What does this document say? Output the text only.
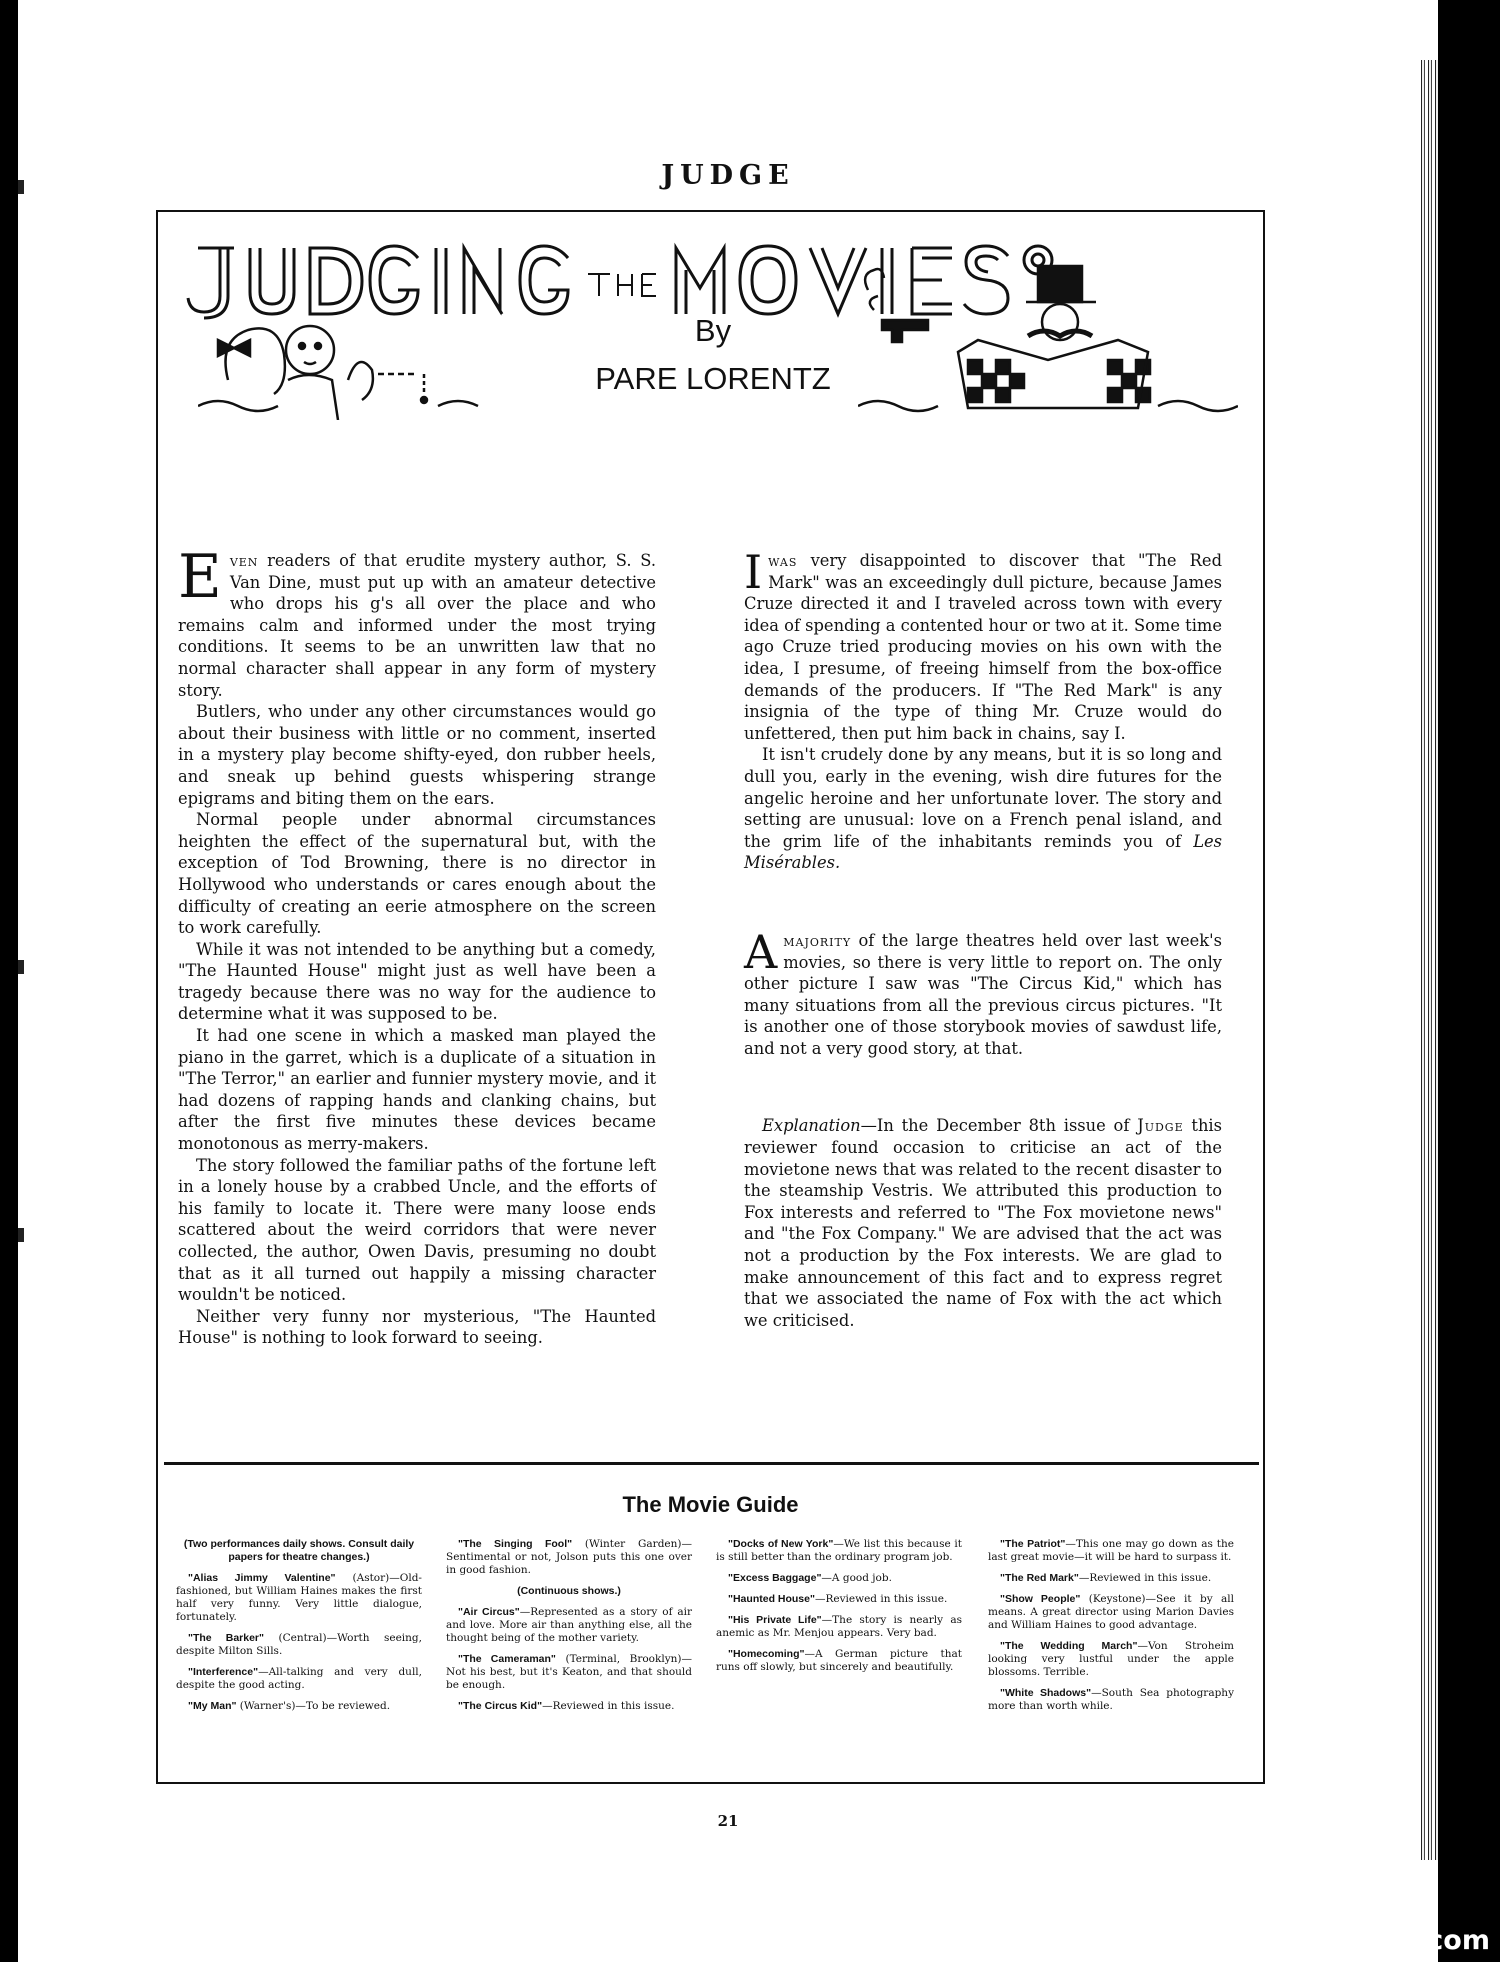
JUDGE
By
PARE LORENTZ

Even readers of that erudite mystery author, S. S. Van Dine, must put up with an amateur detective who drops his g's all over the place and who remains calm and informed under the most trying conditions. It seems to be an unwritten law that no normal character shall appear in any form of mystery story.

Butlers, who under any other circumstances would go about their business with little or no comment, inserted in a mystery play become shifty-eyed, don rubber heels, and sneak up behind guests whispering strange epigrams and biting them on the ears.

Normal people under abnormal circumstances heighten the effect of the supernatural but, with the exception of Tod Browning, there is no director in Hollywood who understands or cares enough about the difficulty of creating an eerie atmosphere on the screen to work carefully.

While it was not intended to be anything but a comedy, "The Haunted House" might just as well have been a tragedy because there was no way for the audience to determine what it was supposed to be.

It had one scene in which a masked man played the piano in the garret, which is a duplicate of a situation in "The Terror," an earlier and funnier mystery movie, and it had dozens of rapping hands and clanking chains, but after the first five minutes these devices became monotonous as merry-makers.

The story followed the familiar paths of the fortune left in a lonely house by a crabbed Uncle, and the efforts of his family to locate it. There were many loose ends scattered about the weird corridors that were never collected, the author, Owen Davis, presuming no doubt that as it all turned out happily a missing character wouldn't be noticed.

Neither very funny nor mysterious, "The Haunted House" is nothing to look forward to seeing.

Iwas very disappointed to discover that "The Red Mark" was an exceedingly dull picture, because James Cruze directed it and I traveled across town with every idea of spending a contented hour or two at it. Some time ago Cruze tried producing movies on his own with the idea, I presume, of freeing himself from the box-office demands of the producers. If "The Red Mark" is any insignia of the type of thing Mr. Cruze would do unfettered, then put him back in chains, say I.

It isn't crudely done by any means, but it is so long and dull you, early in the evening, wish dire futures for the angelic heroine and her unfortunate lover. The story and setting are unusual: love on a French penal island, and the grim life of the inhabitants reminds you of Les Misérables.

Amajority of the large theatres held over last week's movies, so there is very little to report on. The only other picture I saw was "The Circus Kid," which has many situations from all the previous circus pictures. "It is another one of those storybook movies of sawdust life, and not a very good story, at that.

Explanation—In the December 8th issue of Judge this reviewer found occasion to criticise an act of the movietone news that was related to the recent disaster to the steamship Vestris. We attributed this production to Fox interests and referred to "The Fox movietone news" and "the Fox Company." We are advised that the act was not a production by the Fox interests. We are glad to make announcement of this fact and to express regret that we associated the name of Fox with the act which we criticised.

The Movie Guide

(Two performances daily shows. Consult daily papers for theatre changes.)

"Alias Jimmy Valentine" (Astor)—Old-fashioned, but William Haines makes the first half very funny. Very little dialogue, fortunately.

"The Barker" (Central)—Worth seeing, despite Milton Sills.

"Interference"—All-talking and very dull, despite the good acting.

"My Man" (Warner's)—To be reviewed.

"The Singing Fool" (Winter Garden)—Sentimental or not, Jolson puts this one over in good fashion.

(Continuous shows.)

"Air Circus"—Represented as a story of air and love. More air than anything else, all the thought being of the mother variety.

"The Cameraman" (Terminal, Brooklyn)—Not his best, but it's Keaton, and that should be enough.

"The Circus Kid"—Reviewed in this issue.

"Docks of New York"—We list this because it is still better than the ordinary program job.

"Excess Baggage"—A good job.

"Haunted House"—Reviewed in this issue.

"His Private Life"—The story is nearly as anemic as Mr. Menjou appears. Very bad.

"Homecoming"—A German picture that runs off slowly, but sincerely and beautifully.

"The Patriot"—This one may go down as the last great movie—it will be hard to surpass it.

"The Red Mark"—Reviewed in this issue.

"Show People" (Keystone)—See it by all means. A great director using Marion Davies and William Haines to good advantage.

"The Wedding March"—Von Stroheim looking very lustful under the apple blossoms. Terrible.

"White Shadows"—South Sea photography more than worth while.

21
comicbooks.com
